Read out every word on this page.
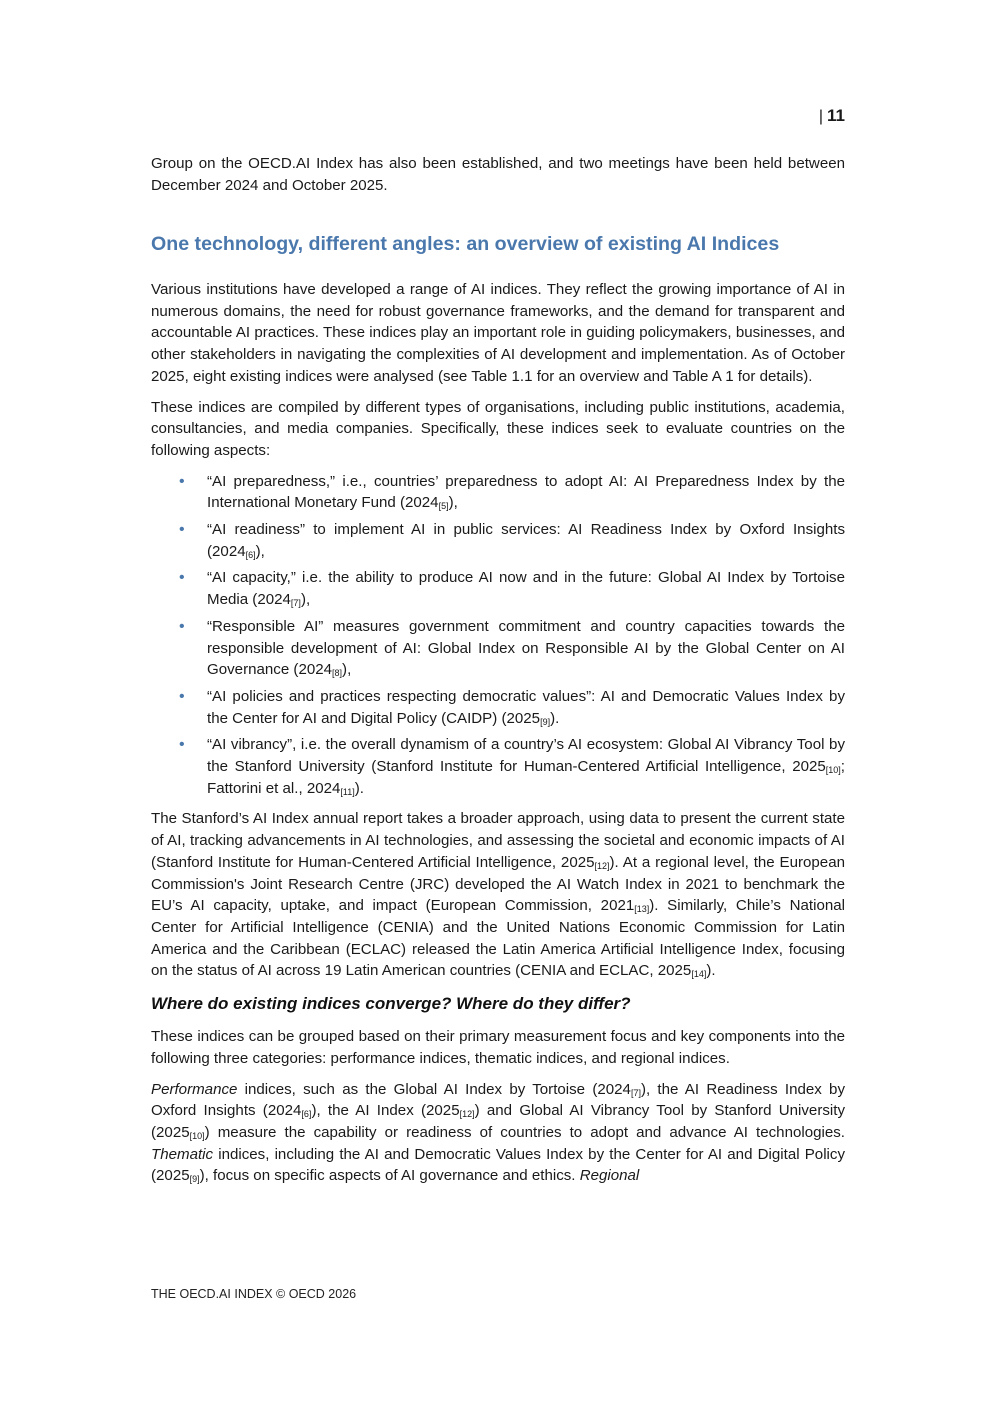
| 11

Group on the OECD.AI Index has also been established, and two meetings have been held between December 2024 and October 2025.

One technology, different angles: an overview of existing AI Indices

Various institutions have developed a range of AI indices. They reflect the growing importance of AI in numerous domains, the need for robust governance frameworks, and the demand for transparent and accountable AI practices. These indices play an important role in guiding policymakers, businesses, and other stakeholders in navigating the complexities of AI development and implementation. As of October 2025, eight existing indices were analysed (see Table 1.1 for an overview and Table A 1 for details).

These indices are compiled by different types of organisations, including public institutions, academia, consultancies, and media companies. Specifically, these indices seek to evaluate countries on the following aspects:

• “AI preparedness,” i.e., countries’ preparedness to adopt AI: AI Preparedness Index by the International Monetary Fund $(2024_{[5]})$,
• “AI readiness” to implement AI in public services: AI Readiness Index by Oxford Insights $(2024_{[6]})$,
• “AI capacity,” i.e. the ability to produce AI now and in the future: Global AI Index by Tortoise Media $(2024_{[7]})$,
• “Responsible AI” measures government commitment and country capacities towards the responsible development of AI: Global Index on Responsible AI by the Global Center on AI Governance $(2024_{[8]})$,
• “AI policies and practices respecting democratic values”: AI and Democratic Values Index by the Center for AI and Digital Policy (CAIDP) $(2025_{[9]})$.
• “AI vibrancy”, i.e. the overall dynamism of a country’s AI ecosystem: Global AI Vibrancy Tool by the Stanford University (Stanford Institute for Human-Centered Artificial Intelligence, $2025_{[10]}$; Fattorini et al., $2024_{[11]}$).

The Stanford’s AI Index annual report takes a broader approach, using data to present the current state of AI, tracking advancements in AI technologies, and assessing the societal and economic impacts of AI (Stanford Institute for Human-Centered Artificial Intelligence, $2025_{[12]}$). At a regional level, the European Commission's Joint Research Centre (JRC) developed the AI Watch Index in 2021 to benchmark the EU’s AI capacity, uptake, and impact (European Commission, $2021_{[13]}$). Similarly, Chile’s National Center for Artificial Intelligence (CENIA) and the United Nations Economic Commission for Latin America and the Caribbean (ECLAC) released the Latin America Artificial Intelligence Index, focusing on the status of AI across 19 Latin American countries (CENIA and ECLAC, $2025_{[14]}$).

Where do existing indices converge? Where do they differ?

These indices can be grouped based on their primary measurement focus and key components into the following three categories: performance indices, thematic indices, and regional indices.

Performance indices, such as the Global AI Index by Tortoise $(2024_{[7]})$, the AI Readiness Index by Oxford Insights $(2024_{[6]})$, the AI Index $(2025_{[12]})$ and Global AI Vibrancy Tool by Stanford University $(2025_{[10]})$ measure the capability or readiness of countries to adopt and advance AI technologies. Thematic indices, including the AI and Democratic Values Index by the Center for AI and Digital Policy $(2025_{[9]})$, focus on specific aspects of AI governance and ethics. Regional

THE OECD.AI INDEX © OECD 2026
